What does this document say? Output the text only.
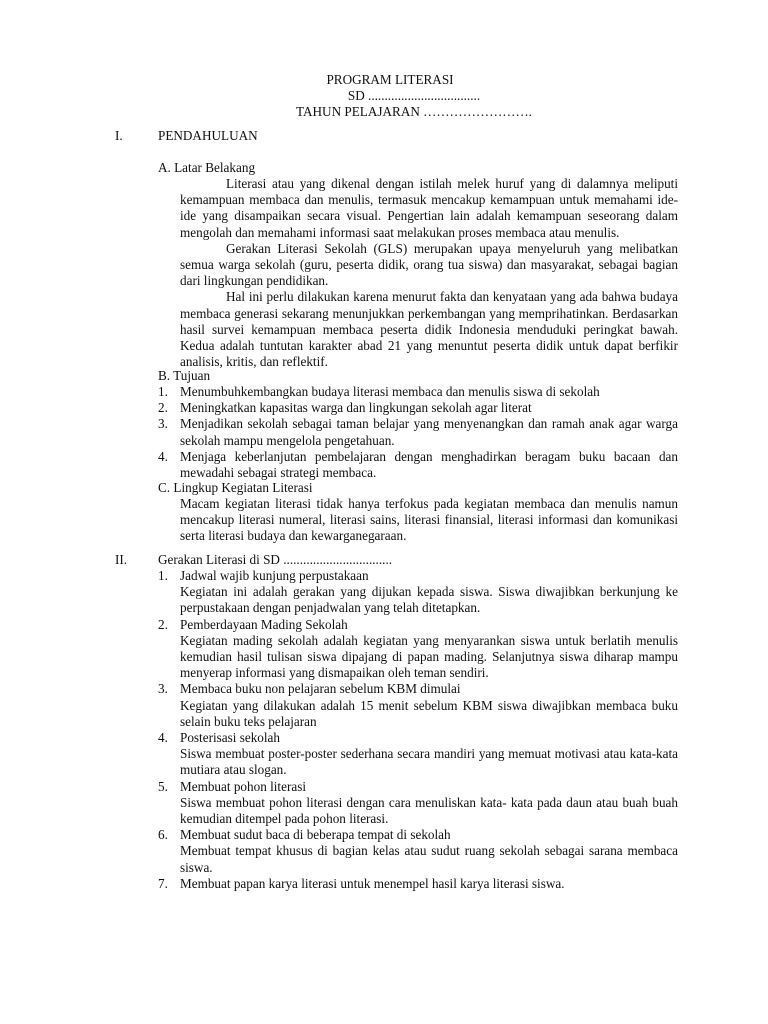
PROGRAM LITERASI
SD ..................................
TAHUN PELAJARAN …………………….
I.	PENDAHULUAN
A. Latar Belakang
Literasi atau yang dikenal dengan istilah melek huruf yang di dalamnya meliputi kemampuan membaca dan menulis, termasuk mencakup kemampuan untuk memahami ide-ide yang disampaikan secara visual. Pengertian lain adalah kemampuan seseorang dalam mengolah dan memahami informasi saat melakukan proses membaca atau menulis.
Gerakan Literasi Sekolah (GLS) merupakan upaya menyeluruh yang melibatkan semua warga sekolah (guru, peserta didik, orang tua siswa) dan masyarakat, sebagai bagian dari lingkungan pendidikan.
Hal ini perlu dilakukan karena menurut fakta dan kenyataan yang ada bahwa budaya membaca generasi sekarang menunjukkan perkembangan yang memprihatinkan. Berdasarkan hasil survei kemampuan membaca peserta didik Indonesia menduduki peringkat bawah. Kedua adalah tuntutan karakter abad 21 yang menuntut peserta didik untuk dapat berfikir analisis, kritis, dan reflektif.
B. Tujuan
1. Menumbuhkembangkan budaya literasi membaca dan menulis siswa di sekolah
2. Meningkatkan kapasitas warga dan lingkungan sekolah agar literat
3. Menjadikan sekolah sebagai taman belajar yang menyenangkan dan ramah anak agar warga sekolah mampu mengelola pengetahuan.
4. Menjaga keberlanjutan pembelajaran dengan menghadirkan beragam buku bacaan dan mewadahi sebagai strategi membaca.
C. Lingkup Kegiatan Literasi
Macam kegiatan literasi tidak hanya terfokus pada kegiatan membaca dan menulis namun mencakup literasi numeral, literasi sains, literasi finansial, literasi informasi dan komunikasi serta literasi budaya dan kewarganegaraan.
II. Gerakan Literasi di SD .................................
1. Jadwal wajib kunjung perpustakaan
Kegiatan ini adalah gerakan yang dijukan kepada siswa. Siswa diwajibkan berkunjung ke perpustakaan dengan penjadwalan yang telah ditetapkan.
2. Pemberdayaan Mading Sekolah
Kegiatan mading sekolah adalah kegiatan yang menyarankan siswa untuk berlatih menulis kemudian hasil tulisan siswa dipajang di papan mading. Selanjutnya siswa diharap mampu menyerap informasi yang dismapaikan oleh teman sendiri.
3. Membaca buku non pelajaran sebelum KBM dimulai
Kegiatan yang dilakukan adalah 15 menit sebelum KBM siswa diwajibkan membaca buku selain buku teks pelajaran
4. Posterisasi sekolah
Siswa membuat poster-poster sederhana secara mandiri yang memuat motivasi atau kata-kata mutiara atau slogan.
5. Membuat pohon literasi
Siswa membuat pohon literasi dengan cara menuliskan kata- kata pada daun atau buah buah kemudian ditempel pada pohon literasi.
6. Membuat sudut baca di beberapa tempat di sekolah
Membuat tempat khusus di bagian kelas atau sudut ruang sekolah sebagai sarana membaca siswa.
7. Membuat papan karya literasi untuk menempel hasil karya literasi siswa.
